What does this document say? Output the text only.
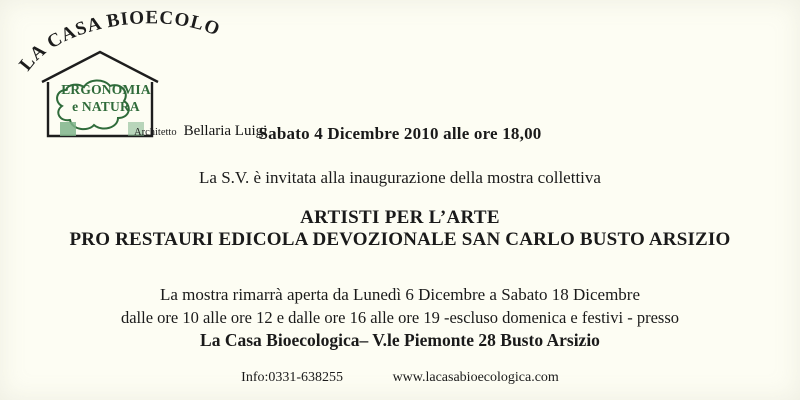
LA CASA BIOECOLOGICA
ERGONOMIA
e NATURA
Architetto Bellaria Luigi
Sabato 4 Dicembre 2010 alle ore 18,00
La S.V. è invitata alla inaugurazione della mostra collettiva
ARTISTI PER L’ARTE
PRO RESTAURI EDICOLA DEVOZIONALE SAN CARLO BUSTO ARSIZIO
La mostra rimarrà aperta da Lunedì 6 Dicembre a Sabato 18 Dicembre
dalle ore 10 alle ore 12 e dalle ore 16 alle ore 19 -escluso domenica e festivi - presso
La Casa Bioecologica– V.le Piemonte 28 Busto Arsizio
Info:0331-638255	www.lacasabioecologica.com
